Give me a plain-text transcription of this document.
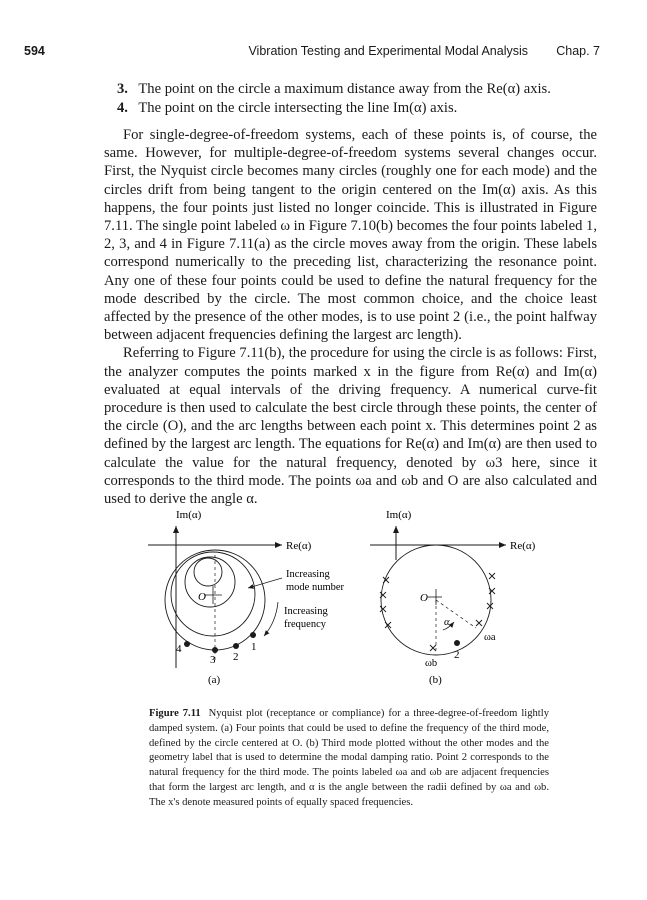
594	Vibration Testing and Experimental Modal Analysis Chap. 7
3. The point on the circle a maximum distance away from the Re(α) axis.
4. The point on the circle intersecting the line Im(α) axis.

For single-degree-of-freedom systems, each of these points is, of course, the same. However, for multiple-degree-of-freedom systems several changes occur. First, the Nyquist circle becomes many circles (roughly one for each mode) and the circles drift from being tangent to the origin centered on the Im(α) axis. As this happens, the four points just listed no longer coincide. This is illustrated in Figure 7.11. The single point labeled ω in Figure 7.10(b) becomes the four points labeled 1, 2, 3, and 4 in Figure 7.11(a) as the circle moves away from the origin. These labels correspond numerically to the preceding list, characterizing the resonance point. Any one of these four points could be used to define the natural frequency for the mode described by the circle. The most common choice, and the choice least affected by the presence of the other modes, is to use point 2 (i.e., the point halfway between adjacent frequencies defining the largest arc length).

Referring to Figure 7.11(b), the procedure for using the circle is as follows: First, the analyzer computes the points marked x in the figure from Re(α) and Im(α) evaluated at equal intervals of the driving frequency. A numerical curve-fit procedure is then used to calculate the best circle through these points, the center of the circle (O), and the arc lengths between each point x. This determines point 2 as defined by the largest arc length. The equations for Re(α) and Im(α) are then used to calculate the value for the natural frequency, denoted by ω3 here, since it corresponds to the third mode. The points ωa and ωb and O are also calculated and used to derive the angle α.

Im(α)
Re(α)
O
4
3 2
1
Increasing
mode number
Increasing
frequency
(a)
Im(α)
Re(α)
O
α
2
ωa
ωb
(b)
Figure 7.11 Nyquist plot (receptance or compliance) for a three-degree-of-freedom lightly damped system. (a) Four points that could be used to define the frequency of the third mode, defined by the circle centered at O. (b) Third mode plotted without the other modes and the geometry label that is used to determine the modal damping ratio. Point 2 corresponds to the natural frequency for the third mode. The points labeled ωa and ωb are adjacent frequencies that form the largest arc length, and α is the angle between the radii defined by ωa and ωb. The x's denote measured points of equally spaced frequencies.
